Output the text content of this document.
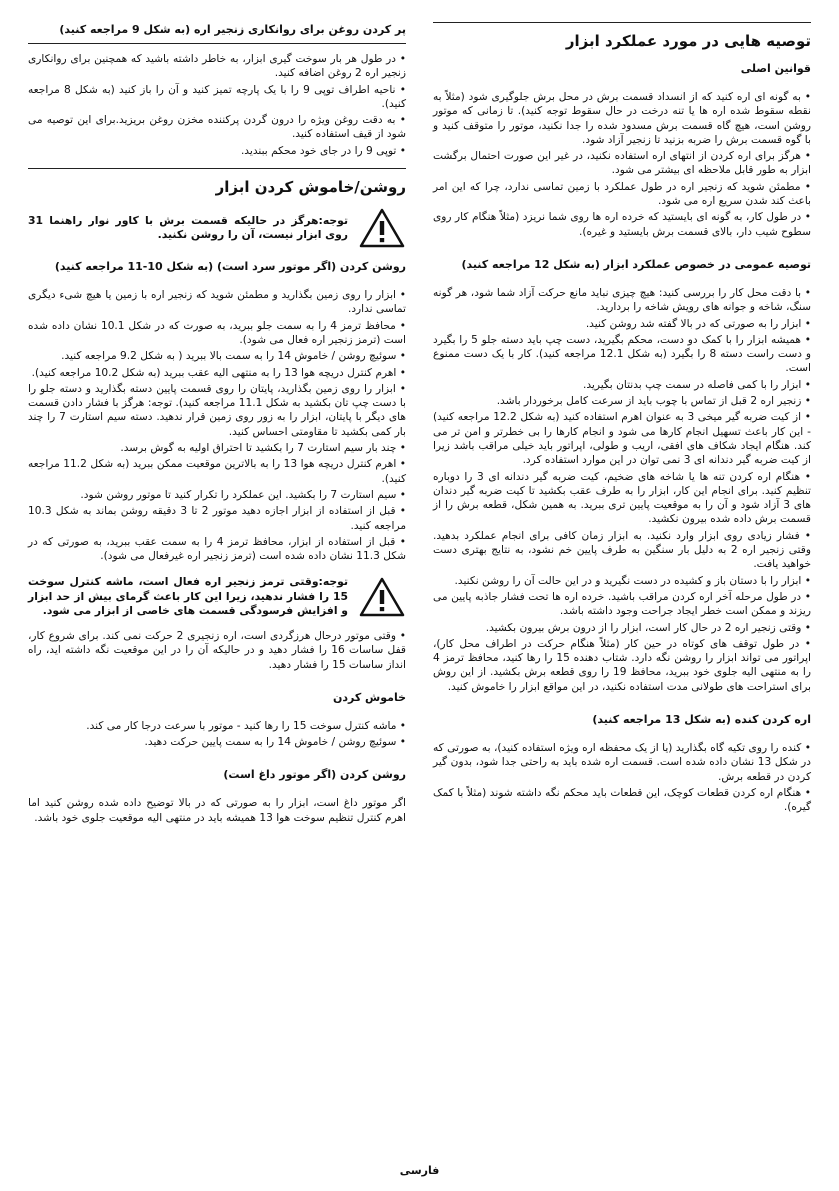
توصیه هایی در مورد عملکرد ابزار
قوانین اصلی

• به گونه ای اره کنید که از انسداد قسمت برش در محل برش جلوگیری شود (مثلاً به نقطه سقوط شده اره ها یا تنه درخت در حال سقوط توجه کنید). تا زمانی که موتور روشن است، هیچ گاه قسمت برش مسدود شده را جدا نکنید، موتور را متوقف کنید و با گوه قسمت برش را ضربه بزنید تا زنجیر آزاد شود.

• هرگز برای اره کردن از انتهای اره استفاده نکنید، در غیر این صورت احتمال برگشت ابزار به طور قابل ملاحظه ای بیشتر می شود.

• مطمئن شوید که زنجیر اره در طول عملکرد با زمین تماسی ندارد، چرا که این امر باعث کند شدن سریع اره می شود.

• در طول کار، به گونه ای بایستید که خرده اره ها روی شما نریزد (مثلاً هنگام کار روی سطوح شیب دار، بالای قسمت برش بایستید و غیره).

توصیه عمومی در خصوص عملکرد ابزار (به شکل 12 مراجعه کنید)

• با دقت محل کار را بررسی کنید: هیچ چیزی نباید مانع حرکت آزاد شما شود، هر گونه سنگ، شاخه و جوانه های رویش شاخه را بردارید.

• ابزار را به صورتی که در بالا گفته شد روشن کنید.

• همیشه ابزار را با کمک دو دست، محکم بگیرید، دست چپ باید دسته جلو 5 را بگیرد و دست راست دسته 8 را بگیرد (به شکل 12.1 مراجعه کنید). کار با یک دست ممنوع است.

• ابزار را با کمی فاصله در سمت چپ بدنتان بگیرید.

• زنجیر اره 2 قبل از تماس با چوب باید از سرعت کامل برخوردار باشد.

• از کیت ضربه گیر میخی 3 به عنوان اهرم استفاده کنید (به شکل 12.2 مراجعه کنید) - این کار باعث تسهیل انجام کارها می شود و انجام کارها را بی خطرتر و امن تر می کند. هنگام ایجاد شکاف های افقی، اریب و طولی، اپراتور باید خیلی مراقب باشد زیرا از کیت ضربه گیر دندانه ای 3 نمی توان در این موارد استفاده کرد.

• هنگام اره کردن تنه ها یا شاخه های ضخیم، کیت ضربه گیر دندانه ای 3 را دوباره تنظیم کنید. برای انجام این کار، ابزار را به طرف عقب بکشید تا کیت ضربه گیر دندان های 3 آزاد شود و آن را به موقعیت پایین تری ببرید. به همین شکل، قطعه برش را از قسمت برش داده شده بیرون نکشید.

• فشار زیادی روی ابزار وارد نکنید. به ابزار زمان کافی برای انجام عملکرد بدهید. وقتی زنجیر اره 2 به دلیل بار سنگین به طرف پایین خم نشود، به نتایج بهتری دست خواهید یافت.

• ابزار را با دستان باز و کشیده در دست نگیرید و در این حالت آن را روشن نکنید.

• در طول مرحله آخر اره کردن مراقب باشید. خرده اره ها تحت فشار جاذبه پایین می ریزند و ممکن است خطر ایجاد جراحت وجود داشته باشد.

• وقتی زنجیر اره 2 در حال کار است، ابزار را از درون برش بیرون بکشید.

• در طول توقف های کوتاه در حین کار (مثلاً هنگام حرکت در اطراف محل کار)، اپراتور می تواند ابزار را روشن نگه دارد. شتاب دهنده 15 را رها کنید، محافظ ترمز 4 را به منتهی الیه جلوی خود ببرید، محافظ 19 را روی قطعه برش بکشید. از این روش برای استراحت های طولانی مدت استفاده نکنید، در این مواقع ابزار را خاموش کنید.

اره کردن کنده (به شکل 13 مراجعه کنید)

• کنده را روی تکیه گاه بگذارید (یا از یک محفظه اره ویژه استفاده کنید)، به صورتی که در شکل 13 نشان داده شده است. قسمت اره شده باید به راحتی جدا شود، بدون گیر کردن در قطعه برش.

• هنگام اره کردن قطعات کوچک، این قطعات باید محکم نگه داشته شوند (مثلاً با کمک گیره).

پر کردن روغن برای روانکاری زنجیر اره (به شکل 9 مراجعه کنید)

• در طول هر بار سوخت گیری ابزار، به خاطر داشته باشید که همچنین برای روانکاری زنجیر اره 2 روغن اضافه کنید.

• ناحیه اطراف توپی 9 را با یک پارچه تمیز کنید و آن را باز کنید (به شکل 8 مراجعه کنید).

• به دقت روغن ویژه را درون گردن پرکننده مخزن روغن بریزید.برای این توصیه می شود از قیف استفاده کنید.

• توپی 9 را در جای خود محکم ببندید.

روشن/خاموش کردن ابزار
توجه:هرگز در حالیکه قسمت برش با کاور نوار راهنما 31 روی ابزار نیست، آن را روشن نکنید.
روشن کردن (اگر موتور سرد است) (به شکل 10-11 مراجعه کنید)

• ابزار را روی زمین بگذارید و مطمئن شوید که زنجیر اره با زمین یا هیچ شیء دیگری تماسی ندارد.

• محافظ ترمز 4 را به سمت جلو ببرید، به صورت که در شکل 10.1 نشان داده شده است (ترمز زنجیر اره فعال می شود).

• سوئیچ روشن / خاموش 14 را به سمت بالا ببرید ( به شکل 9.2 مراجعه کنید.

• اهرم کنترل دریچه هوا 13 را به منتهی الیه عقب ببرید (به شکل 10.2 مراجعه کنید).

• ابزار را روی زمین بگذارید، پایتان را روی قسمت پایین دسته بگذارید و دسته جلو را با دست چپ تان بکشید به شکل 11.1 مراجعه کنید). توجه: هرگز با فشار دادن قسمت های دیگر با پایتان، ابزار را به زور روی زمین قرار ندهید. دسته سیم استارت 7 را چند بار کمی بکشید تا مقاومتی احساس کنید.

• چند بار سیم استارت 7 را بکشید تا احتراق اولیه به گوش برسد.

• اهرم کنترل دریچه هوا 13 را به بالاترین موقعیت ممکن ببرید (به شکل 11.2 مراجعه کنید).

• سیم استارت 7 را بکشید. این عملکرد را تکرار کنید تا موتور روشن شود.

• قبل از استفاده از ابزار اجازه دهید موتور 2 تا 3 دقیقه روشن بماند به شکل 10.3 مراجعه کنید.

• قبل از استفاده از ابزار، محافظ ترمز 4 را به سمت عقب ببرید، به صورتی که در شکل 11.3 نشان داده شده است (ترمز زنجیر اره غیرفعال می شود).

توجه:وقتی ترمز زنجیر اره فعال است، ماشه کنترل سوخت 15 را فشار ندهید، زیرا این کار باعث گرمای بیش از حد ابزار و افزایش فرسودگی قسمت های خاصی از ابزار می شود.

• وقتی موتور درحال هرزگردی است، اره زنجیری 2 حرکت نمی کند. برای شروع کار، قفل ساسات 16 را فشار دهید و در حالیکه آن را در این موقعیت نگه داشته اید، راه انداز ساسات 15 را فشار دهید.

خاموش کردن

• ماشه کنترل سوخت 15 را رها کنید - موتور با سرعت درجا کار می کند.

• سوئیچ روشن / خاموش 14 را به سمت پایین حرکت دهید.

روشن کردن (اگر موتور داغ است)

اگر موتور داغ است، ابزار را به صورتی که در بالا توضیح داده شده روشن کنید اما اهرم کنترل تنظیم سوخت هوا 13 همیشه باید در منتهی الیه موقعیت جلوی خود باشد.

فارسی
